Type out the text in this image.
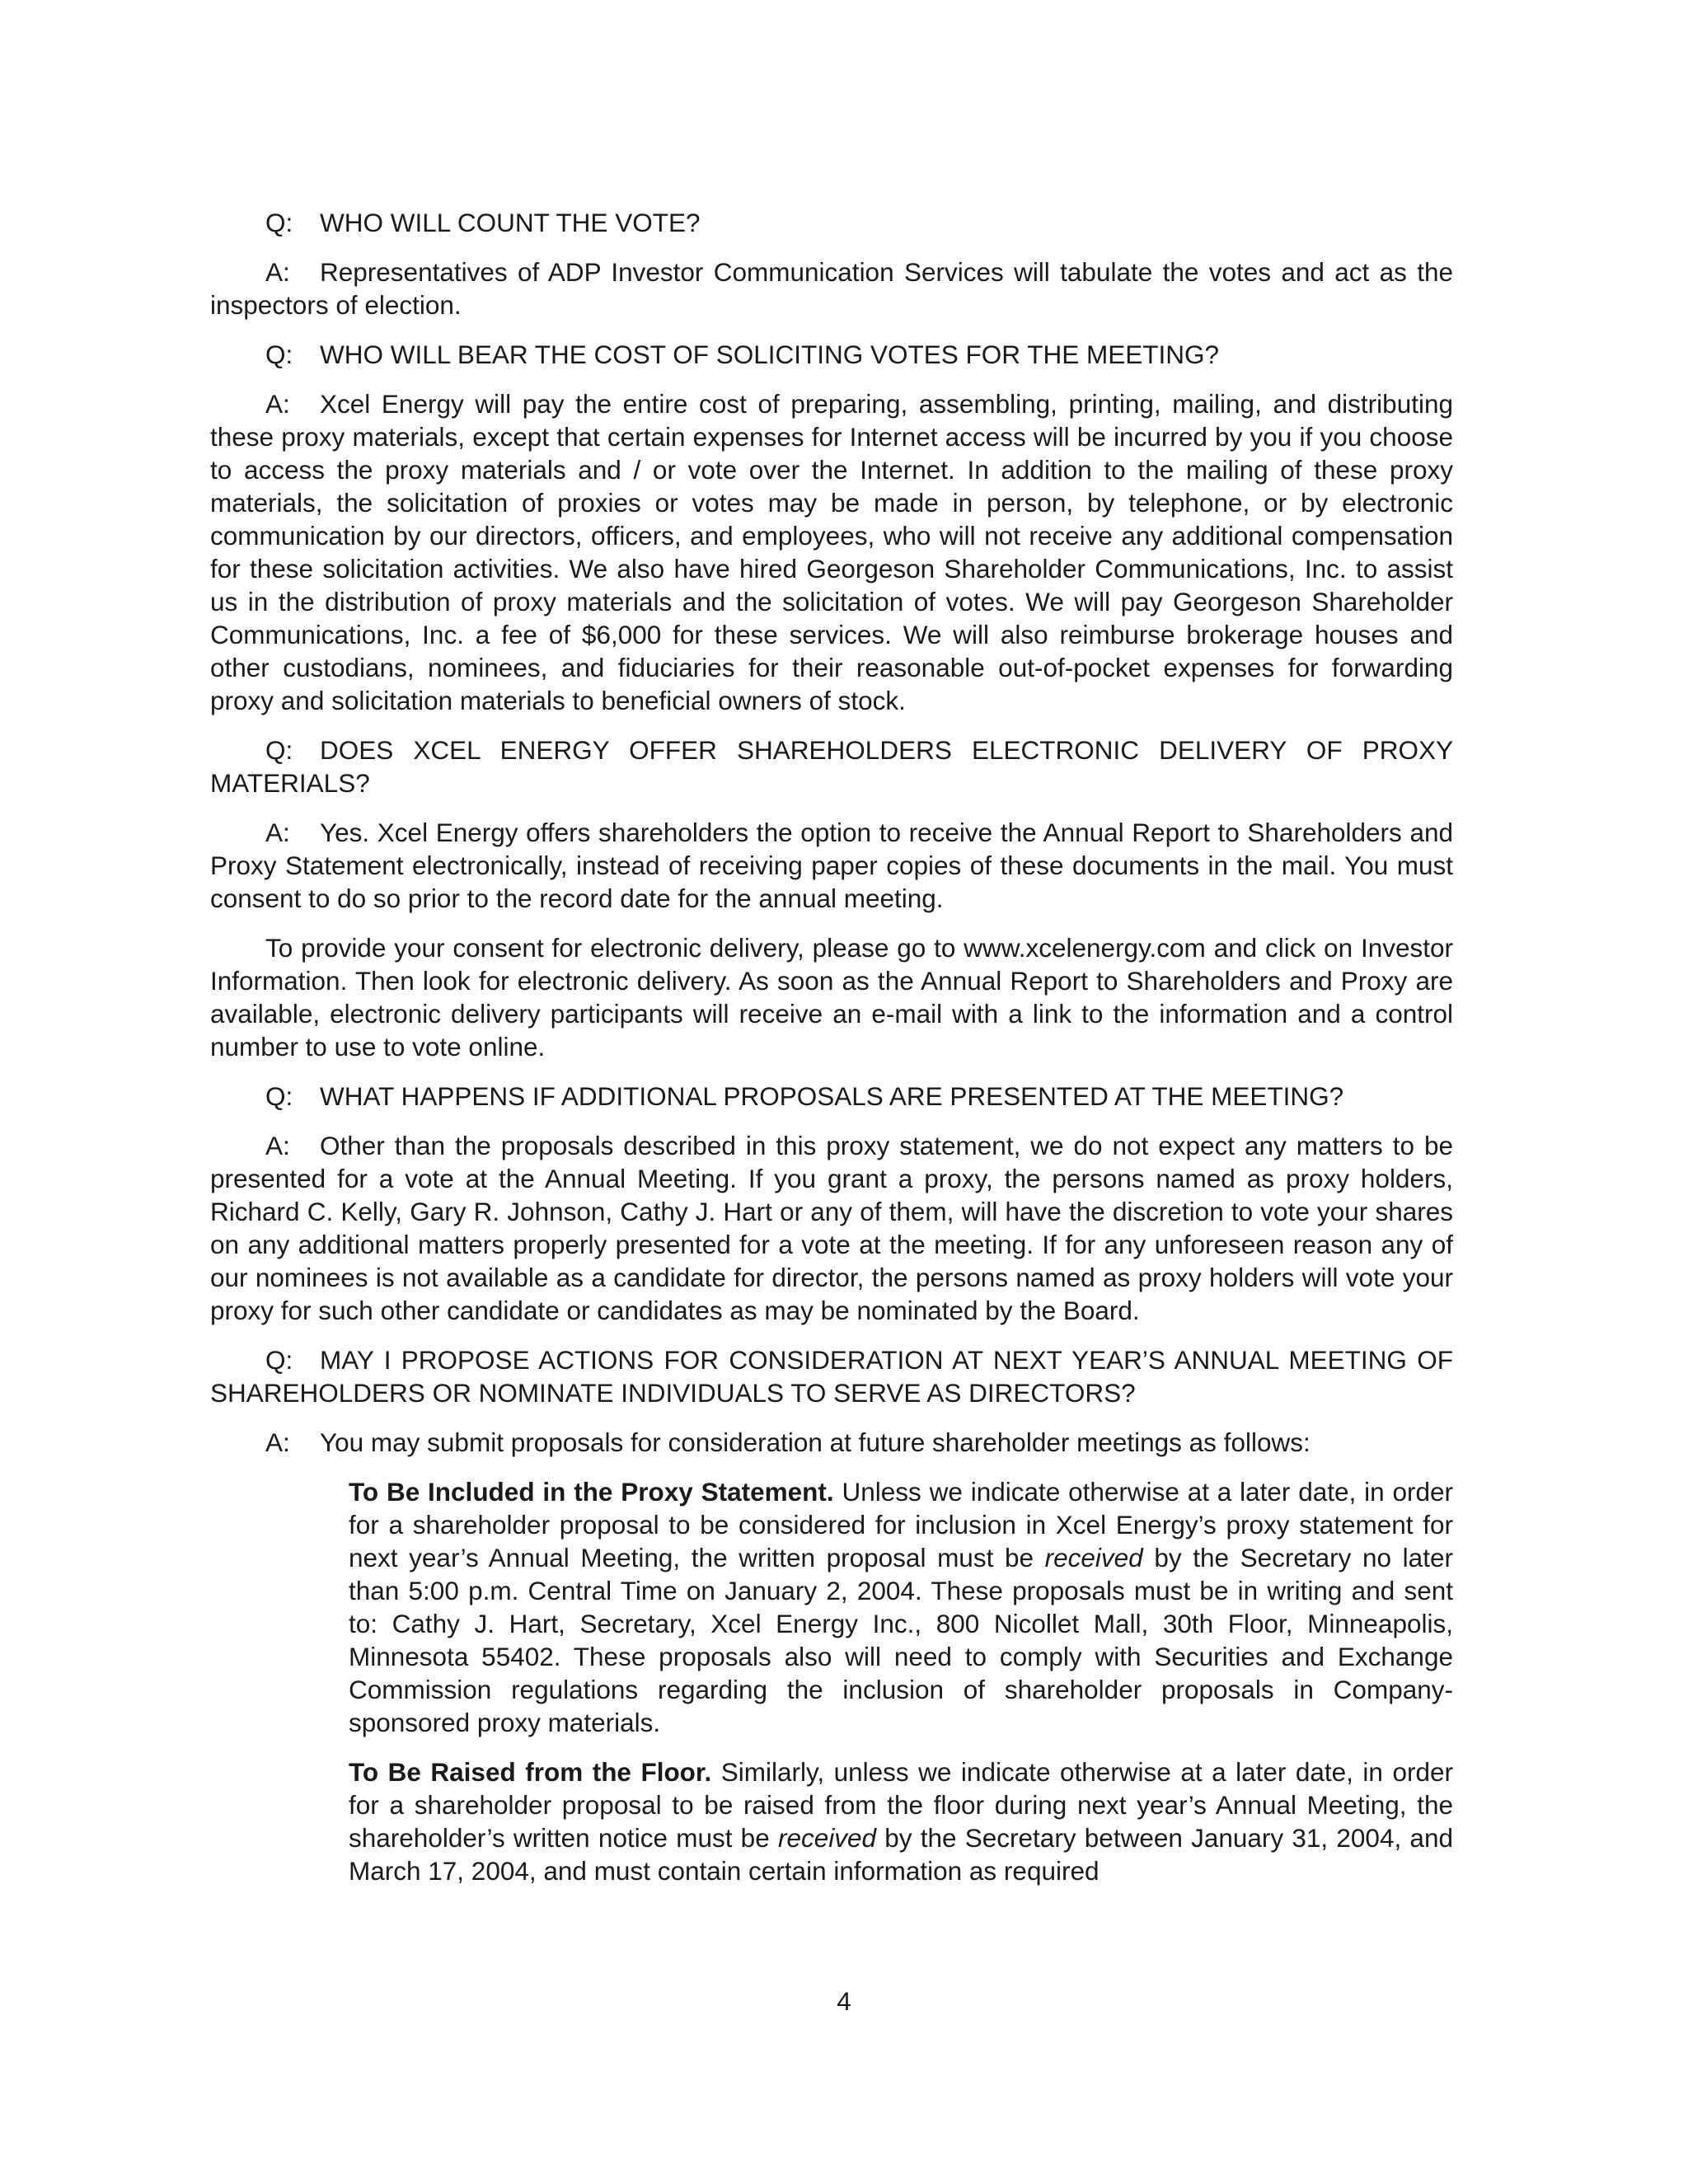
Q: WHO WILL COUNT THE VOTE?

A: Representatives of ADP Investor Communication Services will tabulate the votes and act as the inspectors of election.

Q: WHO WILL BEAR THE COST OF SOLICITING VOTES FOR THE MEETING?

A: Xcel Energy will pay the entire cost of preparing, assembling, printing, mailing, and distributing these proxy materials, except that certain expenses for Internet access will be incurred by you if you choose to access the proxy materials and / or vote over the Internet. In addition to the mailing of these proxy materials, the solicitation of proxies or votes may be made in person, by telephone, or by electronic communication by our directors, officers, and employees, who will not receive any additional compensation for these solicitation activities. We also have hired Georgeson Shareholder Communications, Inc. to assist us in the distribution of proxy materials and the solicitation of votes. We will pay Georgeson Shareholder Communications, Inc. a fee of $6,000 for these services. We will also reimburse brokerage houses and other custodians, nominees, and fiduciaries for their reasonable out-of-pocket expenses for forwarding proxy and solicitation materials to beneficial owners of stock.

Q: DOES XCEL ENERGY OFFER SHAREHOLDERS ELECTRONIC DELIVERY OF PROXY MATERIALS?

A: Yes. Xcel Energy offers shareholders the option to receive the Annual Report to Shareholders and Proxy Statement electronically, instead of receiving paper copies of these documents in the mail. You must consent to do so prior to the record date for the annual meeting.

To provide your consent for electronic delivery, please go to www.xcelenergy.com and click on Investor Information. Then look for electronic delivery. As soon as the Annual Report to Shareholders and Proxy are available, electronic delivery participants will receive an e-mail with a link to the information and a control number to use to vote online.

Q: WHAT HAPPENS IF ADDITIONAL PROPOSALS ARE PRESENTED AT THE MEETING?

A: Other than the proposals described in this proxy statement, we do not expect any matters to be presented for a vote at the Annual Meeting. If you grant a proxy, the persons named as proxy holders, Richard C. Kelly, Gary R. Johnson, Cathy J. Hart or any of them, will have the discretion to vote your shares on any additional matters properly presented for a vote at the meeting. If for any unforeseen reason any of our nominees is not available as a candidate for director, the persons named as proxy holders will vote your proxy for such other candidate or candidates as may be nominated by the Board.

Q: MAY I PROPOSE ACTIONS FOR CONSIDERATION AT NEXT YEAR’S ANNUAL MEETING OF SHAREHOLDERS OR NOMINATE INDIVIDUALS TO SERVE AS DIRECTORS?

A: You may submit proposals for consideration at future shareholder meetings as follows:

To Be Included in the Proxy Statement. Unless we indicate otherwise at a later date, in order for a shareholder proposal to be considered for inclusion in Xcel Energy’s proxy statement for next year’s Annual Meeting, the written proposal must be received by the Secretary no later than 5:00 p.m. Central Time on January 2, 2004. These proposals must be in writing and sent to: Cathy J. Hart, Secretary, Xcel Energy Inc., 800 Nicollet Mall, 30th Floor, Minneapolis, Minnesota 55402. These proposals also will need to comply with Securities and Exchange Commission regulations regarding the inclusion of shareholder proposals in Company-sponsored proxy materials.

To Be Raised from the Floor. Similarly, unless we indicate otherwise at a later date, in order for a shareholder proposal to be raised from the floor during next year’s Annual Meeting, the shareholder’s written notice must be received by the Secretary between January 31, 2004, and March 17, 2004, and must contain certain information as required

4
